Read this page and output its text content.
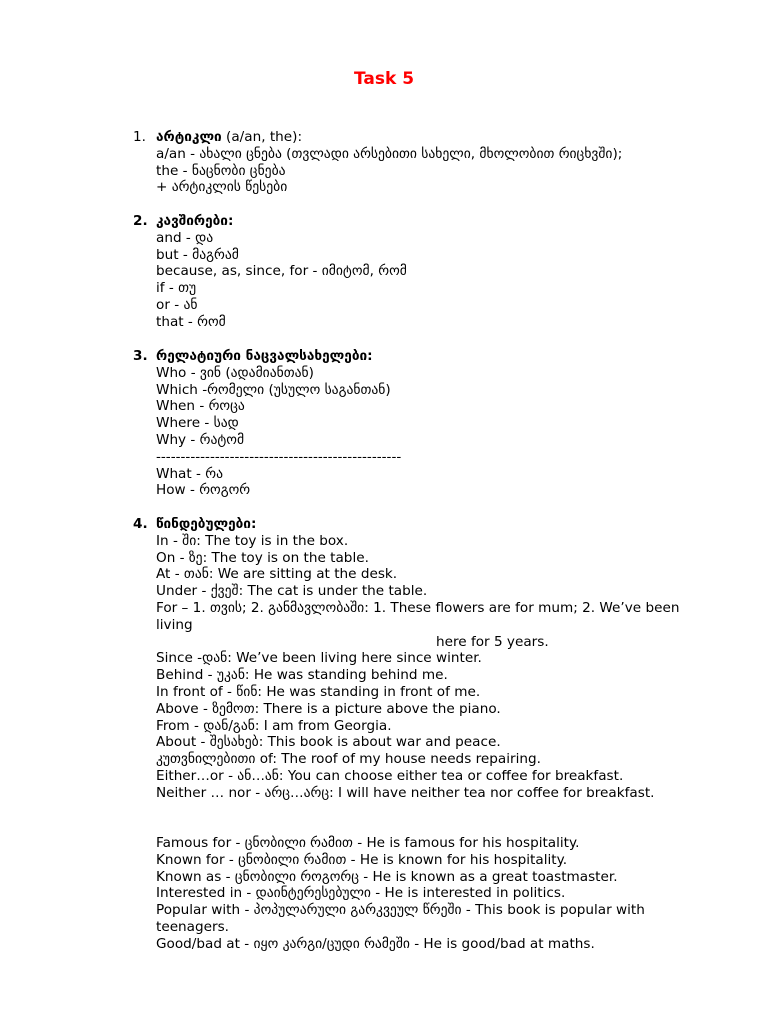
Task 5
1. არტიკლი (a/an, the):
a/an - ახალი ცნება (თვლადი არსებითი სახელი, მხოლობით რიცხვში);
the - ნაცნობი ცნება
+ არტიკლის წესები
2. კავშირები:
and - და
but - მაგრამ
because, as, since, for - იმიტომ, რომ
if - თუ
or - ან
that - რომ
3. რელატიური ნაცვალსახელები:
Who - ვინ (ადამიანთან)
Which -რომელი (უსულო საგანთან)
When - როცა
Where - სად
Why - რატომ
--------------------------------------------------
What - რა
How - როგორ
4. წინდებულები:
In - ში: The toy is in the box.
On - ზე: The toy is on the table.
At - თან: We are sitting at the desk.
Under - ქვეშ: The cat is under the table.
For – 1. თვის; 2. განმავლობაში: 1. These flowers are for mum; 2. We’ve been living
here for 5 years.
Since -დან: We’ve been living here since winter.
Behind - უკან: He was standing behind me.
In front of - წინ: He was standing in front of me.
Above - ზემოთ: There is a picture above the piano.
From - დან/გან: I am from Georgia.
About - შესახებ: This book is about war and peace.
კუთვნილებითი of: The roof of my house needs repairing.
Either…or - ან…ან: You can choose either tea or coffee for breakfast.
Neither … nor - არც…არც: I will have neither tea nor coffee for breakfast.
Famous for - ცნობილი რამით - He is famous for his hospitality.
Known for - ცნობილი რამით - He is known for his hospitality.
Known as - ცნობილი როგორც - He is known as a great toastmaster.
Interested in - დაინტერესებული - He is interested in politics.
Popular with - პოპულარული გარკვეულ წრეში - This book is popular with teenagers.
Good/bad at - იყო კარგი/ცუდი რამეში - He is good/bad at maths.
